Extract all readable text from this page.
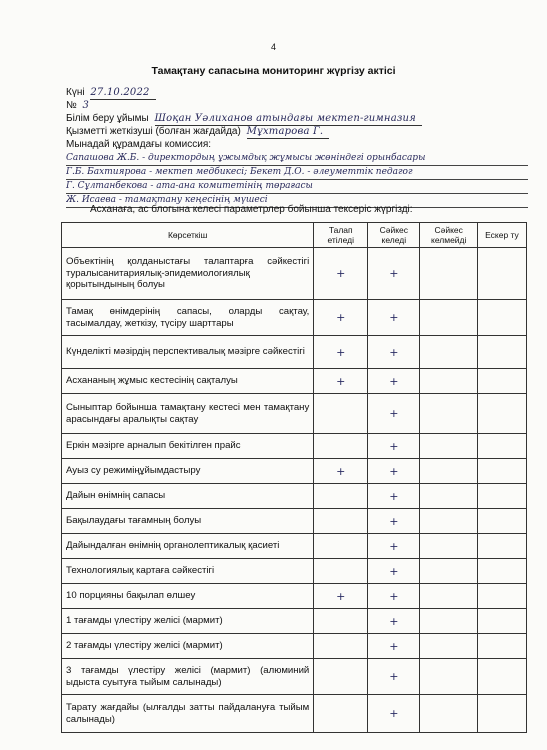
4
Тамақтану сапасына мониторинг жүргізу актісі
Күні 27.10.2022
№ 3
Білім беру ұйымы Шоқан Уәлиханов атындағы мектеп-гимназия
Қызметті жеткізуші (болған жағдайда) Мұхтарова Г.
Мынадай құрамдағы комиссия:
Сапашова Ж.Б. - директордың ұжымдық жұмысы жөніндегі орынбасары
Г.Б. Бахтиярова - мектеп медбикесі; Бекет Д.О. - әлеуметтік педагог
Г. Сұлтанбекова - ата-ана комитетінің төрағасы
Ж. Исаева - тамақтану кеңесінің мүшесі
Асханаға, ас блогына келесі параметрлер бойынша тексеріс жүргізді:
Көрсеткіш	Талап етіледі	Сәйкес келеді	Сәйкес келмейді	Ескер ту
Объектінің қолданыстағы талаптарға сәйкестігі туралысанитариялық-эпидемиологиялық қорытындының болуы	+	+		
Тамақ өнімдерінің сапасы, оларды сақтау, тасымалдау, жеткізу, түсіру шарттары	+	+		
Күнделікті мәзірдің перспективалық мәзірге сәйкестігі	+	+		
Асхананың жұмыс кестесінің сақталуы	+	+		
Сыныптар бойынша тамақтану кестесі мен тамақтану арасындағы аралықты сақтау		+		
Еркін мәзірге арналып бекітілген прайс		+		
Ауыз су режиміңұйымдастыру	+	+		
Дайын өнімнің сапасы		+		
Бақылаудағы тағамның болуы		+		
Дайындалған өнімнің органолептикалық қасиеті		+		
Технологиялық картаға сәйкестігі		+		
10 порцияны бақылап өлшеу	+	+		
1 тағамды үлестіру желісі (мармит)		+		
2 тағамды үлестіру желісі (мармит)		+		
3 тағамды үлестіру желісі (мармит) (алюминий ыдыста суытуға тыйым салынады)		+		
Тарату жағдайы (ылғалды затты пайдалануға тыйым салынады)		+		
